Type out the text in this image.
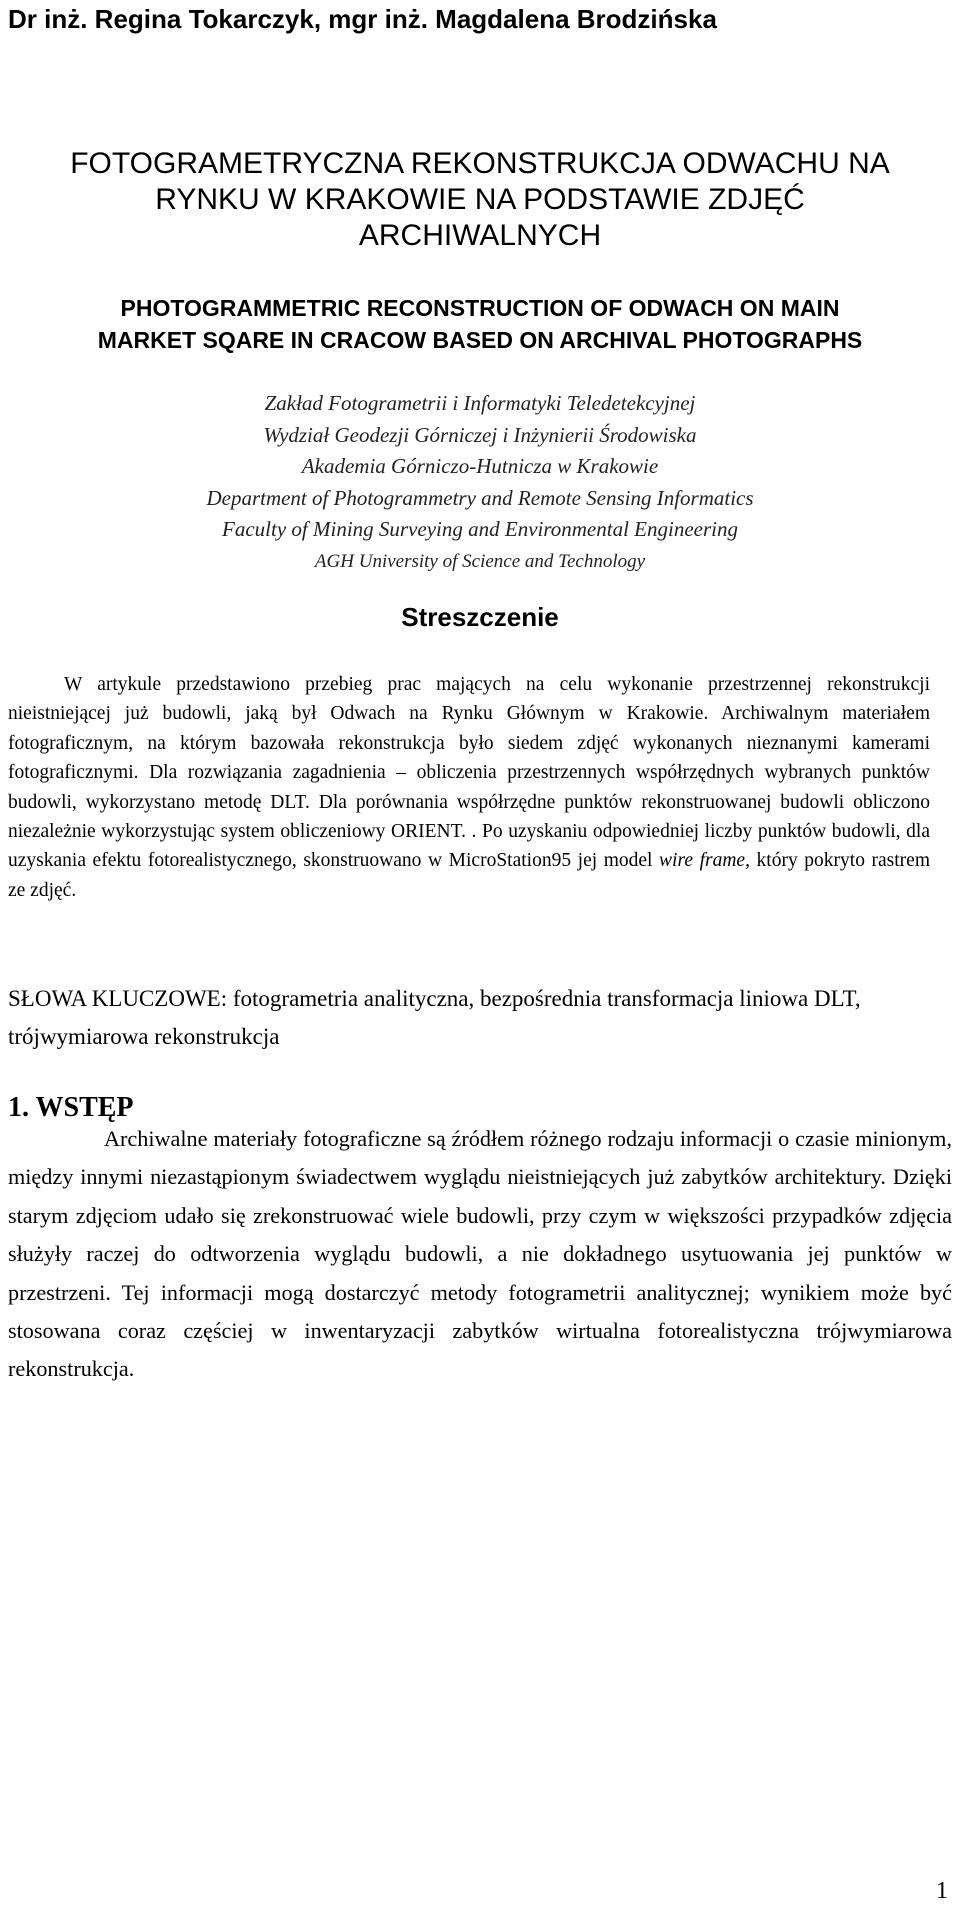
Dr inż. Regina Tokarczyk, mgr inż. Magdalena Brodzińska
FOTOGRAMETRYCZNA REKONSTRUKCJA ODWACHU NA
RYNKU W KRAKOWIE NA PODSTAWIE ZDJĘĆ
ARCHIWALNYCH
PHOTOGRAMMETRIC RECONSTRUCTION OF ODWACH ON MAIN
MARKET SQARE IN CRACOW BASED ON ARCHIVAL PHOTOGRAPHS
Zakład Fotogrametrii i Informatyki Teledetekcyjnej
Wydział Geodezji Górniczej i Inżynierii Środowiska
Akademia Górniczo-Hutnicza w Krakowie
Department of Photogrammetry and Remote Sensing Informatics
Faculty of Mining Surveying and Environmental Engineering
AGH University of Science and Technology
Streszczenie

W artykule przedstawiono przebieg prac mających na celu wykonanie przestrzennej rekonstrukcji nieistniejącej już budowli, jaką był Odwach na Rynku Głównym w Krakowie. Archiwalnym materiałem fotograficznym, na którym bazowała rekonstrukcja było siedem zdjęć wykonanych nieznanymi kamerami fotograficznymi. Dla rozwiązania zagadnienia – obliczenia przestrzennych współrzędnych wybranych punktów budowli, wykorzystano metodę DLT. Dla porównania współrzędne punktów rekonstruowanej budowli obliczono niezależnie wykorzystując system obliczeniowy ORIENT. . Po uzyskaniu odpowiedniej liczby punktów budowli, dla uzyskania efektu fotorealistycznego, skonstruowano w MicroStation95 jej model wire frame, który pokryto rastrem ze zdjęć.

SŁOWA KLUCZOWE: fotogrametria analityczna, bezpośrednia transformacja liniowa DLT, trójwymiarowa rekonstrukcja
1. WSTĘP

Archiwalne materiały fotograficzne są źródłem różnego rodzaju informacji o czasie minionym, między innymi niezastąpionym świadectwem wyglądu nieistniejących już zabytków architektury. Dzięki starym zdjęciom udało się zrekonstruować wiele budowli, przy czym w większości przypadków zdjęcia służyły raczej do odtworzenia wyglądu budowli, a nie dokładnego usytuowania jej punktów w przestrzeni. Tej informacji mogą dostarczyć metody fotogrametrii analitycznej; wynikiem może być stosowana coraz częściej w inwentaryzacji zabytków wirtualna fotorealistyczna trójwymiarowa rekonstrukcja.

1
